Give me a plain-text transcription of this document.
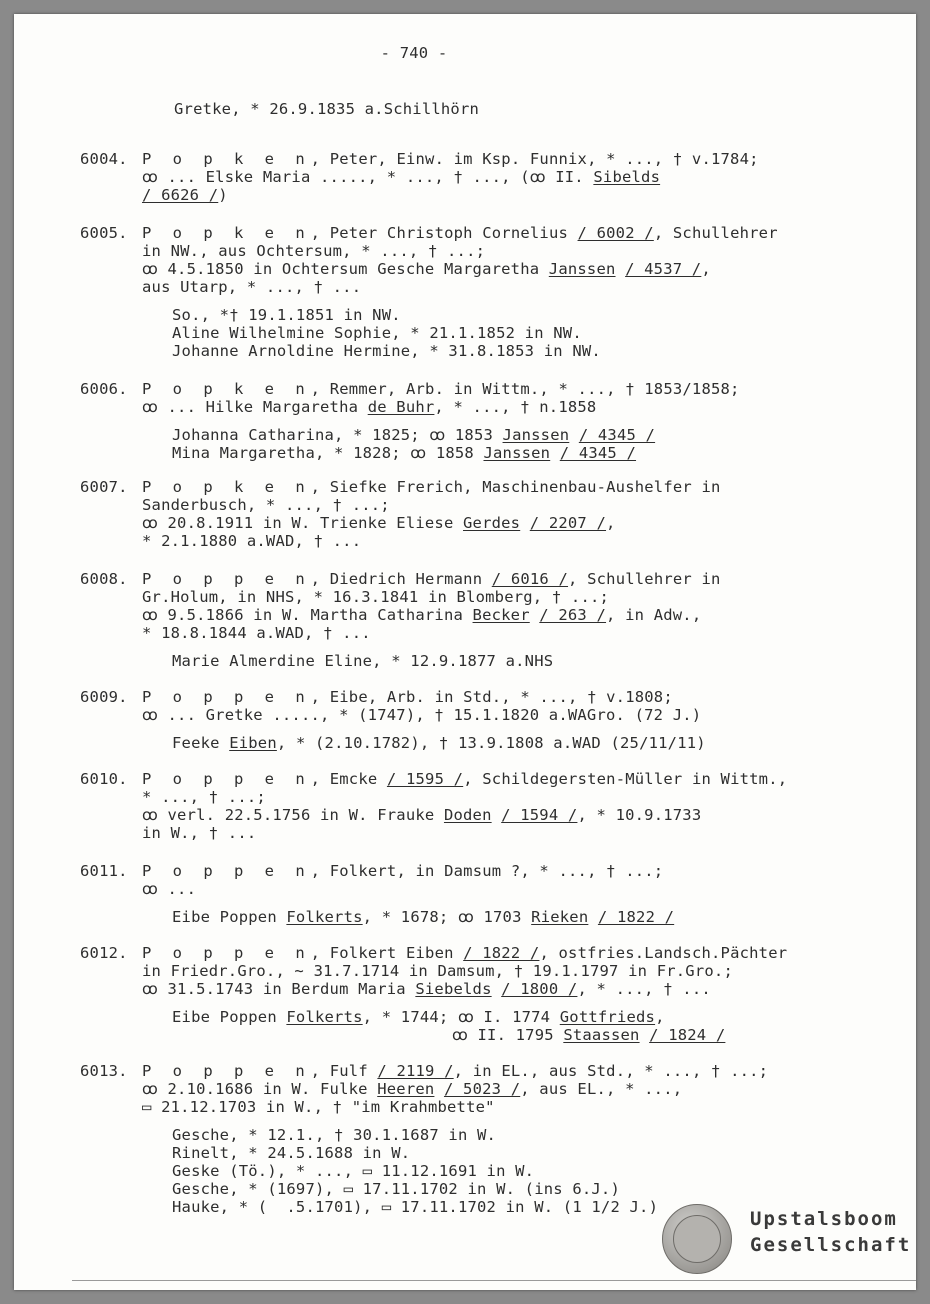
- 740 -
Gretke, * 26.9.1835 a.Schillhörn
6004. P o p k e n, Peter, Einw. im Ksp. Funnix, * ..., † v.1784;
ꝏ ... Elske Maria ....., * ..., † ..., (ꝏ II. Sibelds
/ 6626 /)
6005. P o p k e n, Peter Christoph Cornelius / 6002 /, Schullehrer
in NW., aus Ochtersum, * ..., † ...;
ꝏ 4.5.1850 in Ochtersum Gesche Margaretha Janssen / 4537 /,
aus Utarp, * ..., † ...
So., *† 19.1.1851 in NW.
Aline Wilhelmine Sophie, * 21.1.1852 in NW.
Johanne Arnoldine Hermine, * 31.8.1853 in NW.
6006. P o p k e n, Remmer, Arb. in Wittm., * ..., † 1853/1858;
ꝏ ... Hilke Margaretha de Buhr, * ..., † n.1858
Johanna Catharina, * 1825; ꝏ 1853 Janssen / 4345 /
Mina Margaretha, * 1828; ꝏ 1858 Janssen / 4345 /
6007. P o p k e n, Siefke Frerich, Maschinenbau-Aushelfer in
Sanderbusch, * ..., † ...;
ꝏ 20.8.1911 in W. Trienke Eliese Gerdes / 2207 /,
* 2.1.1880 a.WAD, † ...
6008. P o p p e n, Diedrich Hermann / 6016 /, Schullehrer in
Gr.Holum, in NHS, * 16.3.1841 in Blomberg, † ...;
ꝏ 9.5.1866 in W. Martha Catharina Becker / 263 /, in Adw.,
* 18.8.1844 a.WAD, † ...
Marie Almerdine Eline, * 12.9.1877 a.NHS
6009. P o p p e n, Eibe, Arb. in Std., * ..., † v.1808;
ꝏ ... Gretke ....., * (1747), † 15.1.1820 a.WAGro. (72 J.)
Feeke Eiben, * (2.10.1782), † 13.9.1808 a.WAD (25/11/11)
6010. P o p p e n, Emcke / 1595 /, Schildegersten-Müller in Wittm.,
* ..., † ...;
ꝏ verl. 22.5.1756 in W. Frauke Doden / 1594 /, * 10.9.1733
in W., † ...
6011. P o p p e n, Folkert, in Damsum ?, * ..., † ...;
ꝏ ...
Eibe Poppen Folkerts, * 1678; ꝏ 1703 Rieken / 1822 /
6012. P o p p e n, Folkert Eiben / 1822 /, ostfries.Landsch.Pächter
in Friedr.Gro., ∼ 31.7.1714 in Damsum, † 19.1.1797 in Fr.Gro.;
ꝏ 31.5.1743 in Berdum Maria Siebelds / 1800 /, * ..., † ...
Eibe Poppen Folkerts, * 1744; ꝏ I. 1774 Gottfrieds,
ꝏ II. 1795 Staassen / 1824 /
6013. P o p p e n, Fulf / 2119 /, in EL., aus Std., * ..., † ...;
ꝏ 2.10.1686 in W. Fulke Heeren / 5023 /, aus EL., * ...,
▭ 21.12.1703 in W., † "im Krahmbette"
Gesche, * 12.1., † 30.1.1687 in W.
Rinelt, * 24.5.1688 in W.
Geske (Tö.), * ..., ▭ 11.12.1691 in W.
Gesche, * (1697), ▭ 17.11.1702 in W. (ins 6.J.)
Hauke, * (  .5.1701), ▭ 17.11.1702 in W. (1 1/2 J.)
Upstalsboom
Gesellschaft
